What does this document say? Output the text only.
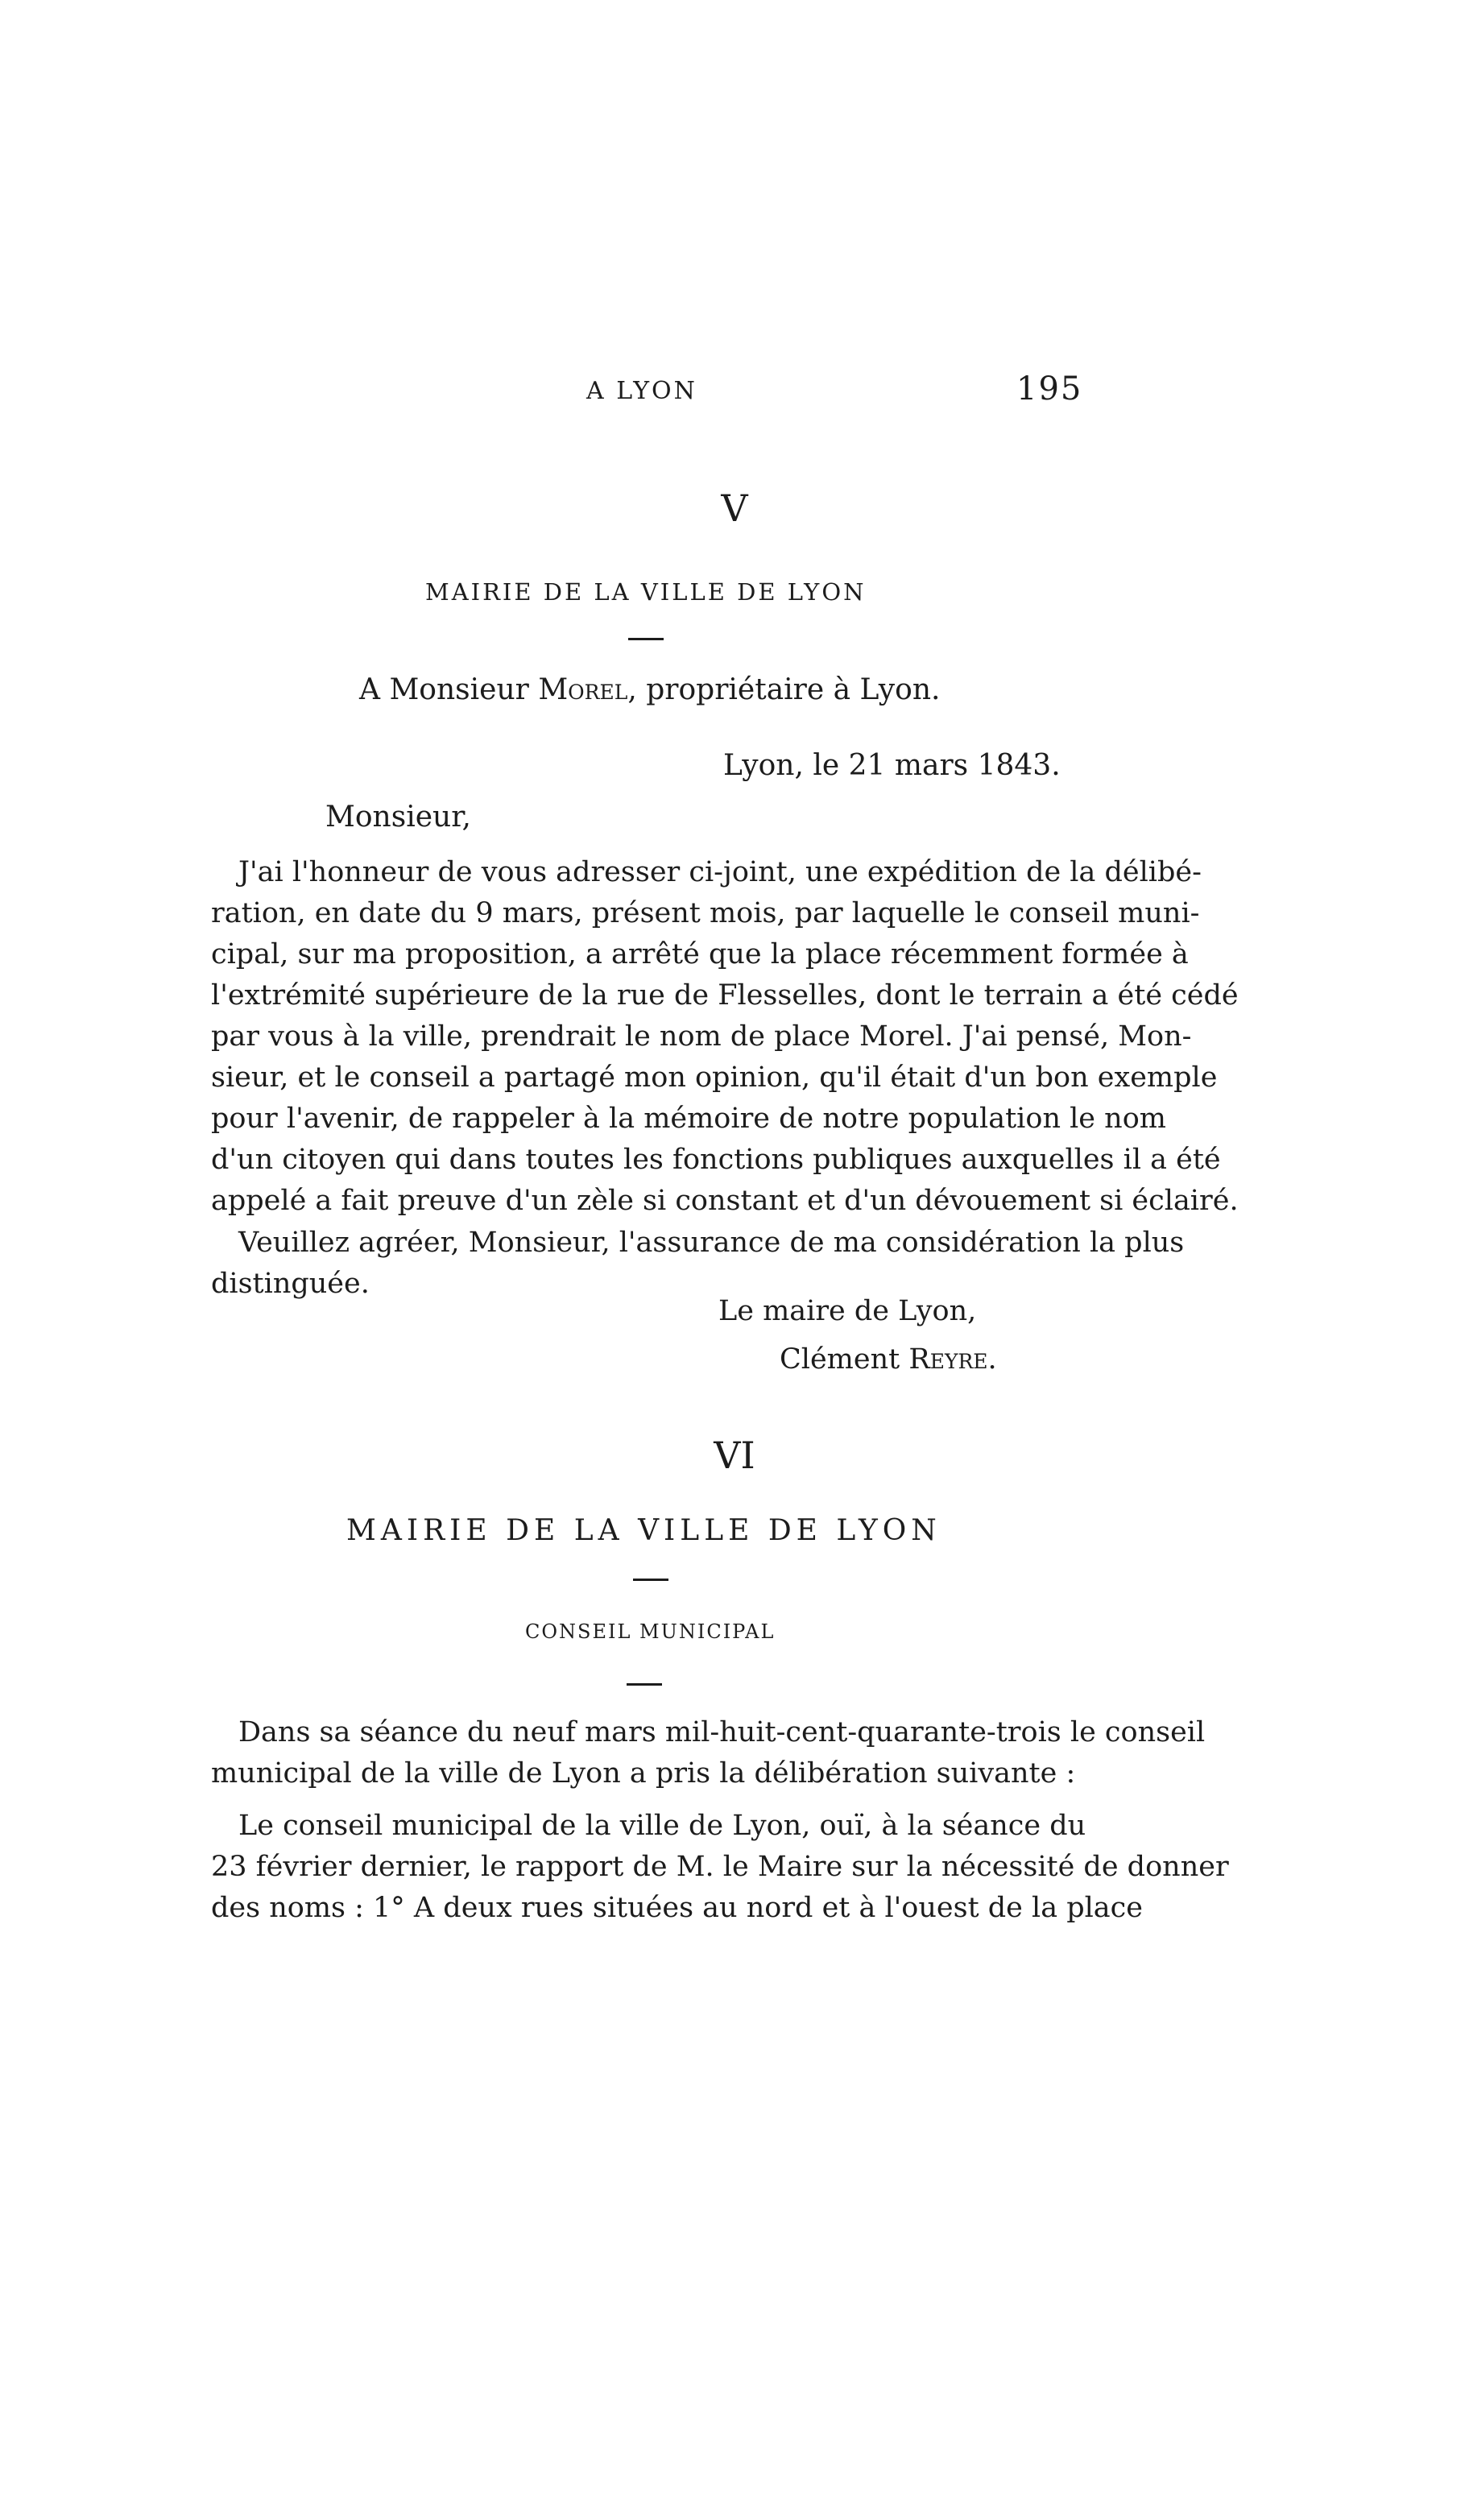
A LYON	195

V

MAIRIE DE LA VILLE DE LYON

A Monsieur Morel, propriétaire à Lyon.

Lyon, le 21 mars 1843.

Monsieur,

J'ai l'honneur de vous adresser ci-joint, une expédition de la délibé-
ration, en date du 9 mars, présent mois, par laquelle le conseil muni-
cipal, sur ma proposition, a arrêté que la place récemment formée à
l'extrémité supérieure de la rue de Flesselles, dont le terrain a été cédé
par vous à la ville, prendrait le nom de place Morel. J'ai pensé, Mon-
sieur, et le conseil a partagé mon opinion, qu'il était d'un bon exemple
pour l'avenir, de rappeler à la mémoire de notre population le nom
d'un citoyen qui dans toutes les fonctions publiques auxquelles il a été
appelé a fait preuve d'un zèle si constant et d'un dévouement si éclairé.
Veuillez agréer, Monsieur, l'assurance de ma considération la plus
distinguée.

Le maire de Lyon,

Clément Reyre.

VI

MAIRIE DE LA VILLE DE LYON

CONSEIL MUNICIPAL

Dans sa séance du neuf mars mil-huit-cent-quarante-trois le conseil
municipal de la ville de Lyon a pris la délibération suivante :
Le conseil municipal de la ville de Lyon, ouï, à la séance du
23 février dernier, le rapport de M. le Maire sur la nécessité de donner
des noms : 1° A deux rues situées au nord et à l'ouest de la place
